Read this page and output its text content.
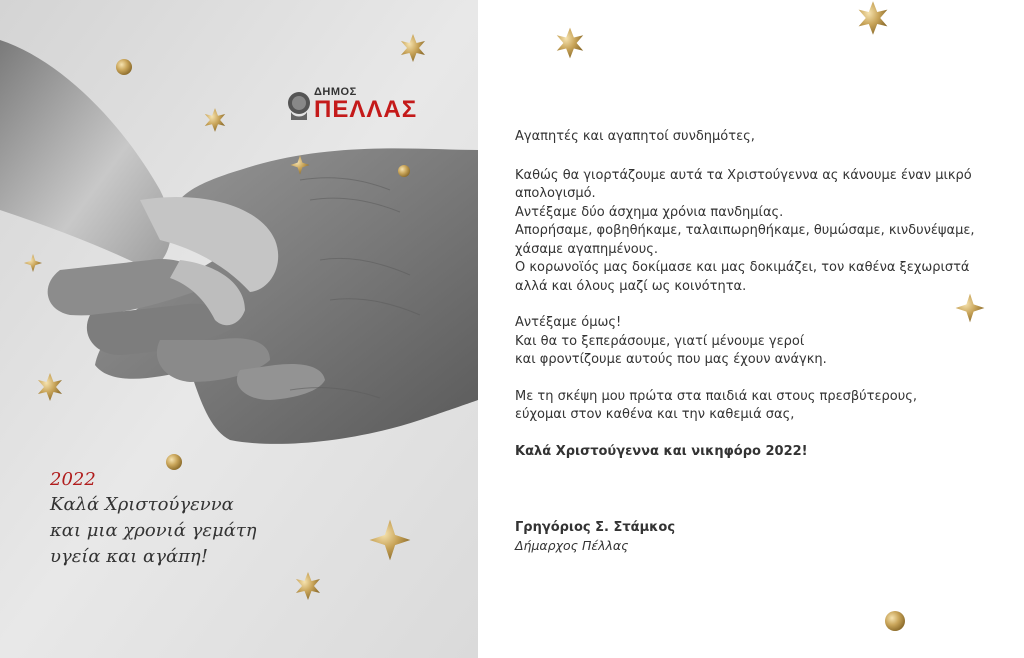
ΔΗΜΟΣ
ΠΕΛΛΑΣ
2022
Καλά Χριστούγεννα
και μια χρονιά γεμάτη
υγεία και αγάπη!

Αγαπητές και αγαπητοί συνδημότες,

Καθώς θα γιορτάζουμε αυτά τα Χριστούγεννα ας κάνουμε έναν μικρό

απολογισμό.

Αντέξαμε δύο άσχημα χρόνια πανδημίας.

Απορήσαμε, φοβηθήκαμε, ταλαιπωρηθήκαμε, θυμώσαμε, κινδυνέψαμε,

χάσαμε αγαπημένους.

Ο κορωνοϊός μας δοκίμασε και μας δοκιμάζει, τον καθένα ξεχωριστά

αλλά και όλους μαζί ως κοινότητα.

Αντέξαμε όμως!

Και θα το ξεπεράσουμε, γιατί μένουμε γεροί

και φροντίζουμε αυτούς που μας έχουν ανάγκη.

Με τη σκέψη μου πρώτα στα παιδιά και στους πρεσβύτερους,

εύχομαι στον καθένα και την καθεμιά σας,

Καλά Χριστούγεννα και νικηφόρο 2022!

Γρηγόριος Σ. Στάμκος
Δήμαρχος Πέλλας
